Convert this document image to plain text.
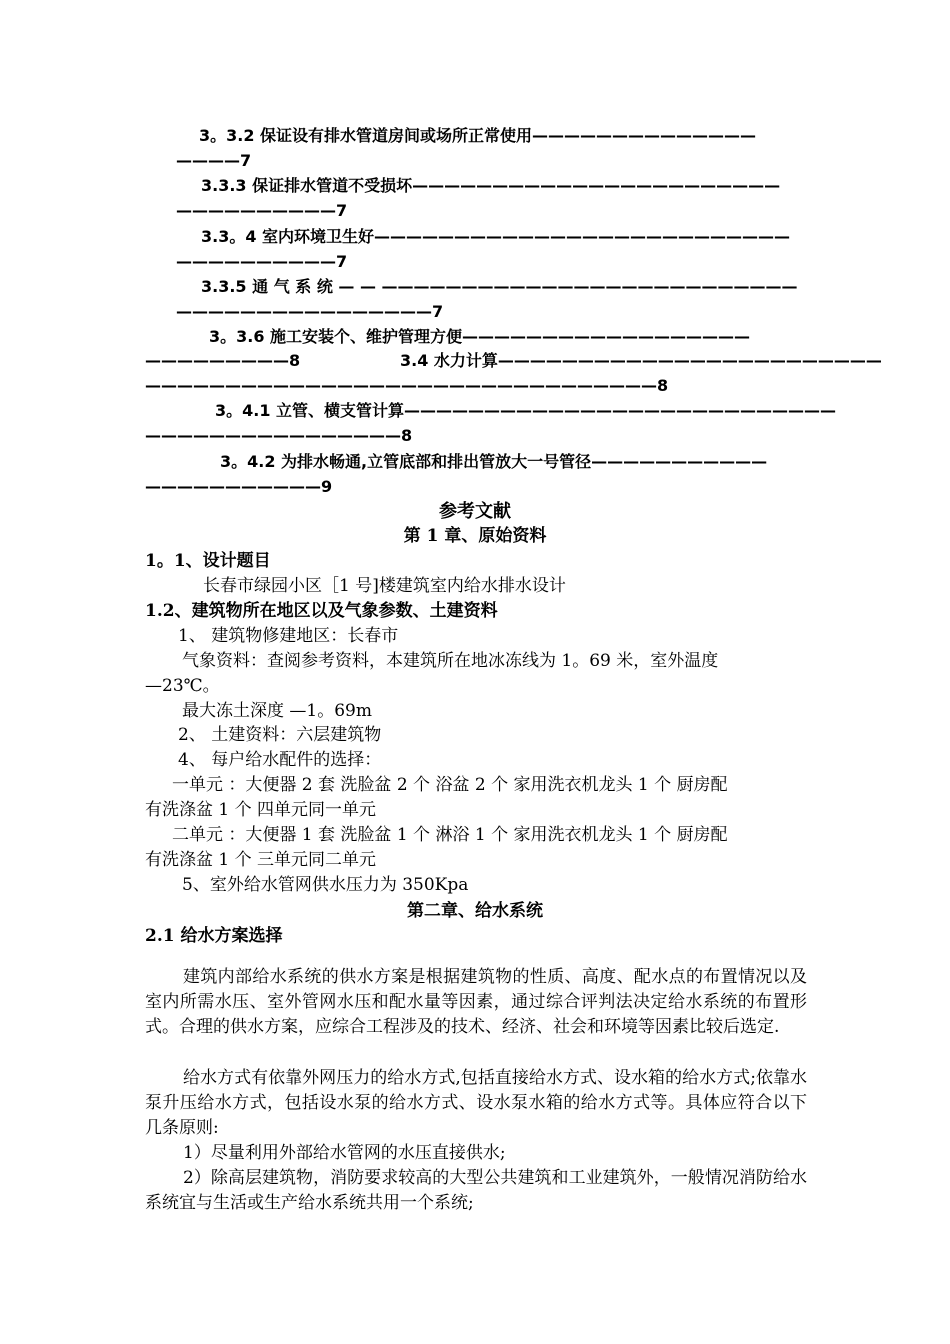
3。3.2 保证设有排水管道房间或场所正常使用——————————————
————7
3.3.3 保证排水管道不受损坏———————————————————————
——————————7
3.3。4 室内环境卫生好——————————————————————————
——————————7
3.3.5 通 气 系 统 — — ——————————————————————————
————————————————7
3。3.6 施工安装个、维护管理方便——————————————————
—————————8	3.4 水力计算————————————————————————
————————————————————————————————8
3。4.1 立管、横支管计算———————————————————————————
————————————————8
3。4.2 为排水畅通,立管底部和排出管放大一号管径———————————
———————————9
参考文献
第 1 章、原始资料
1。1、设计题目
长春市绿园小区［1 号]楼建筑室内给水排水设计
1.2、建筑物所在地区以及气象参数、土建资料
1、 建筑物修建地区：长春市
气象资料：查阅参考资料，本建筑所在地冰冻线为 1。69 米，室外温度
—23℃。
最大冻土深度 —1。69m
2、 土建资料：六层建筑物
4、 每户给水配件的选择：
一单元 ：大便器 2 套 洗脸盆 2 个 浴盆 2 个 家用洗衣机龙头 1 个 厨房配
有洗涤盆 1 个 四单元同一单元
二单元 ：大便器 1 套 洗脸盆 1 个 淋浴 1 个 家用洗衣机龙头 1 个 厨房配
有洗涤盆 1 个 三单元同二单元
5、室外给水管网供水压力为 350Kpa
第二章、给水系统
2.1 给水方案选择
建筑内部给水系统的供水方案是根据建筑物的性质、高度、配水点的布置情况以及室内所需水压、室外管网水压和配水量等因素，通过综合评判法决定给水系统的布置形式。合理的供水方案，应综合工程涉及的技术、经济、社会和环境等因素比较后选定.
给水方式有依靠外网压力的给水方式,包括直接给水方式、设水箱的给水方式;依靠水泵升压给水方式，包括设水泵的给水方式、设水泵水箱的给水方式等。具体应符合以下几条原则:
1）尽量利用外部给水管网的水压直接供水;
2）除高层建筑物，消防要求较高的大型公共建筑和工业建筑外，一般情况消防给水系统宜与生活或生产给水系统共用一个系统;
